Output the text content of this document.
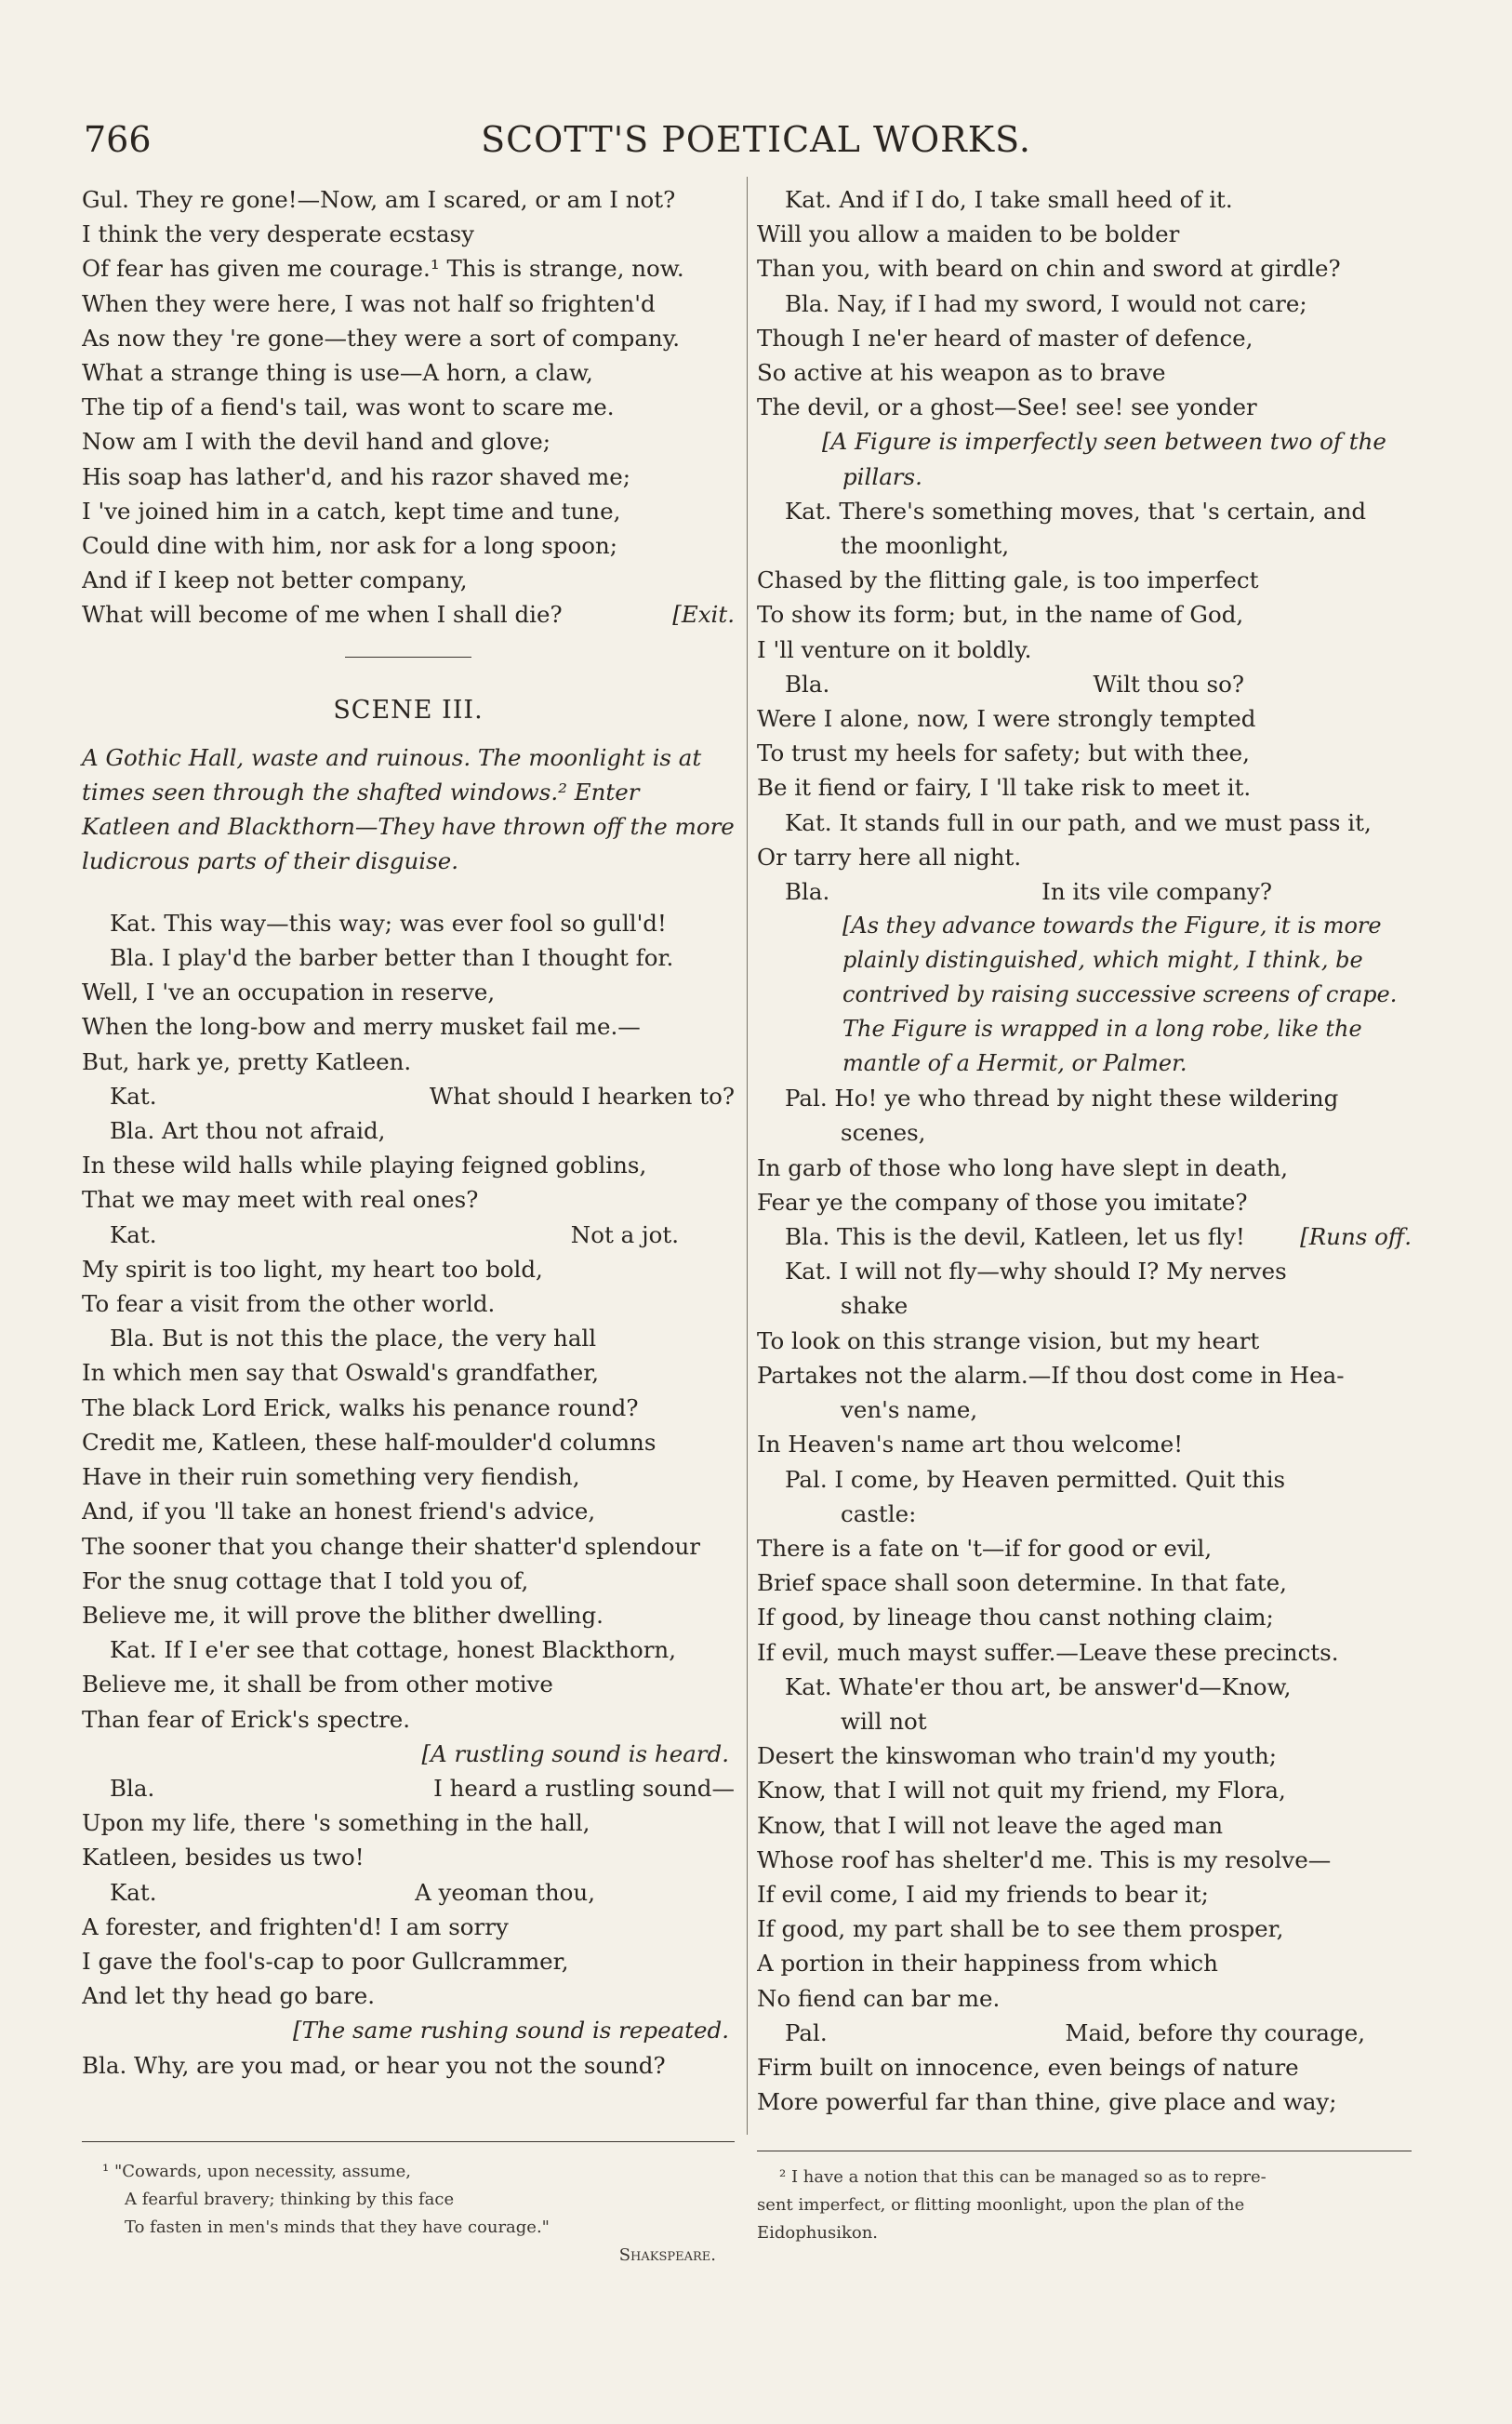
766	SCOTT'S POETICAL WORKS.
Gul. They re gone!—Now, am I scared, or am I not?
I think the very desperate ecstasy
Of fear has given me courage.¹ This is strange, now.
When they were here, I was not half so frighten'd
As now they 're gone—they were a sort of company.
What a strange thing is use—A horn, a claw,
The tip of a fiend's tail, was wont to scare me.
Now am I with the devil hand and glove;
His soap has lather'd, and his razor shaved me;
I 've joined him in a catch, kept time and tune,
Could dine with him, nor ask for a long spoon;
And if I keep not better company,
What will become of me when I shall die?	[Exit.
SCENE III.
A Gothic Hall, waste and ruinous. The moonlight is at times seen through the shafted windows.² Enter Katleen and Blackthorn—They have thrown off the more ludicrous parts of their disguise.
Kat. This way—this way; was ever fool so gull'd!
Bla. I play'd the barber better than I thought for.
Well, I 've an occupation in reserve,
When the long-bow and merry musket fail me.—
But, hark ye, pretty Katleen.
Kat.	What should I hearken to?
Bla. Art thou not afraid,
In these wild halls while playing feigned goblins,
That we may meet with real ones?
Kat.	Not a jot.
My spirit is too light, my heart too bold,
To fear a visit from the other world.
Bla. But is not this the place, the very hall
In which men say that Oswald's grandfather,
The black Lord Erick, walks his penance round?
Credit me, Katleen, these half-moulder'd columns
Have in their ruin something very fiendish,
And, if you 'll take an honest friend's advice,
The sooner that you change their shatter'd splendour
For the snug cottage that I told you of,
Believe me, it will prove the blither dwelling.
Kat. If I e'er see that cottage, honest Blackthorn,
Believe me, it shall be from other motive
Than fear of Erick's spectre.
[A rustling sound is heard.
Bla.	I heard a rustling sound—
Upon my life, there 's something in the hall,
Katleen, besides us two!
Kat.	A yeoman thou,
A forester, and frighten'd! I am sorry
I gave the fool's-cap to poor Gullcrammer,
And let thy head go bare.
[The same rushing sound is repeated.
Bla. Why, are you mad, or hear you not the sound?
¹ "Cowards, upon necessity, assume,
A fearful bravery; thinking by this face
To fasten in men's minds that they have courage."
Shakspeare.
Kat. And if I do, I take small heed of it.
Will you allow a maiden to be bolder
Than you, with beard on chin and sword at girdle?
Bla. Nay, if I had my sword, I would not care;
Though I ne'er heard of master of defence,
So active at his weapon as to brave
The devil, or a ghost—See! see! see yonder
[A Figure is imperfectly seen between two of the
pillars.
Kat. There's something moves, that 's certain, and
the moonlight,
Chased by the flitting gale, is too imperfect
To show its form; but, in the name of God,
I 'll venture on it boldly.
Bla.	Wilt thou so?
Were I alone, now, I were strongly tempted
To trust my heels for safety; but with thee,
Be it fiend or fairy, I 'll take risk to meet it.
Kat. It stands full in our path, and we must pass it,
Or tarry here all night.
Bla.	In its vile company?
[As they advance towards the Figure, it is more plainly distinguished, which might, I think, be contrived by raising successive screens of crape. The Figure is wrapped in a long robe, like the mantle of a Hermit, or Palmer.
Pal. Ho! ye who thread by night these wildering
scenes,
In garb of those who long have slept in death,
Fear ye the company of those you imitate?
Bla. This is the devil, Katleen, let us fly! [Runs off.
Kat. I will not fly—why should I? My nerves
shake
To look on this strange vision, but my heart
Partakes not the alarm.—If thou dost come in Hea-
ven's name,
In Heaven's name art thou welcome!
Pal. I come, by Heaven permitted. Quit this
castle:
There is a fate on 't—if for good or evil,
Brief space shall soon determine. In that fate,
If good, by lineage thou canst nothing claim;
If evil, much mayst suffer.—Leave these precincts.
Kat. Whate'er thou art, be answer'd—Know,
will not
Desert the kinswoman who train'd my youth;
Know, that I will not quit my friend, my Flora,
Know, that I will not leave the aged man
Whose roof has shelter'd me. This is my resolve—
If evil come, I aid my friends to bear it;
If good, my part shall be to see them prosper,
A portion in their happiness from which
No fiend can bar me.
Pal.	Maid, before thy courage,
Firm built on innocence, even beings of nature
More powerful far than thine, give place and way;
² I have a notion that this can be managed so as to repre-
sent imperfect, or flitting moonlight, upon the plan of the
Eidophusikon.
